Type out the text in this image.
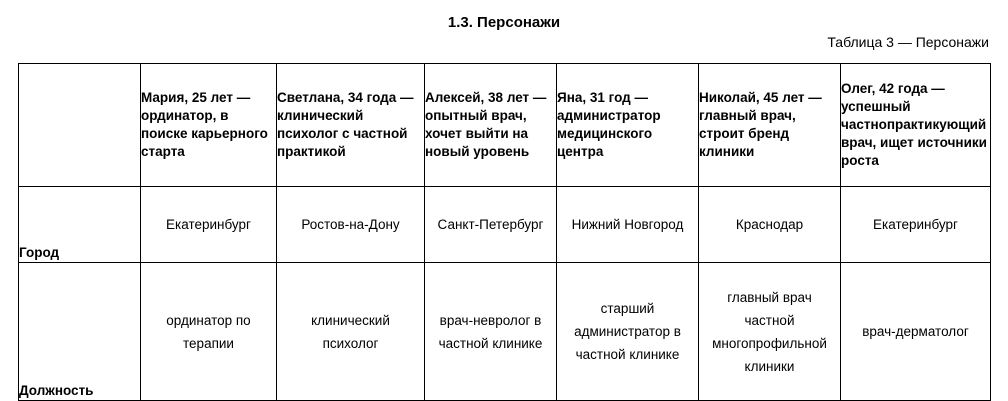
1.3. Персонажи
Таблица 3 — Персонажи
	Мария, 25 лет — ординатор, в поиске карьерного старта	Светлана, 34 года — клинический психолог с частной практикой	Алексей, 38 лет — опытный врач, хочет выйти на новый уровень	Яна, 31 год — администратор медицинского центра	Николай, 45 лет — главный врач, строит бренд клиники	Олег, 42 года — успешный частнопрактикующий врач, ищет источники роста
Город	Екатеринбург	Ростов-на-Дону	Санкт-Петербург	Нижний Новгород	Краснодар	Екатеринбург
Должность	ординатор по терапии	клинический психолог	врач-невролог в частной клинике	старший администратор в частной клинике	главный врач частной многопрофильной клиники	врач-дерматолог
